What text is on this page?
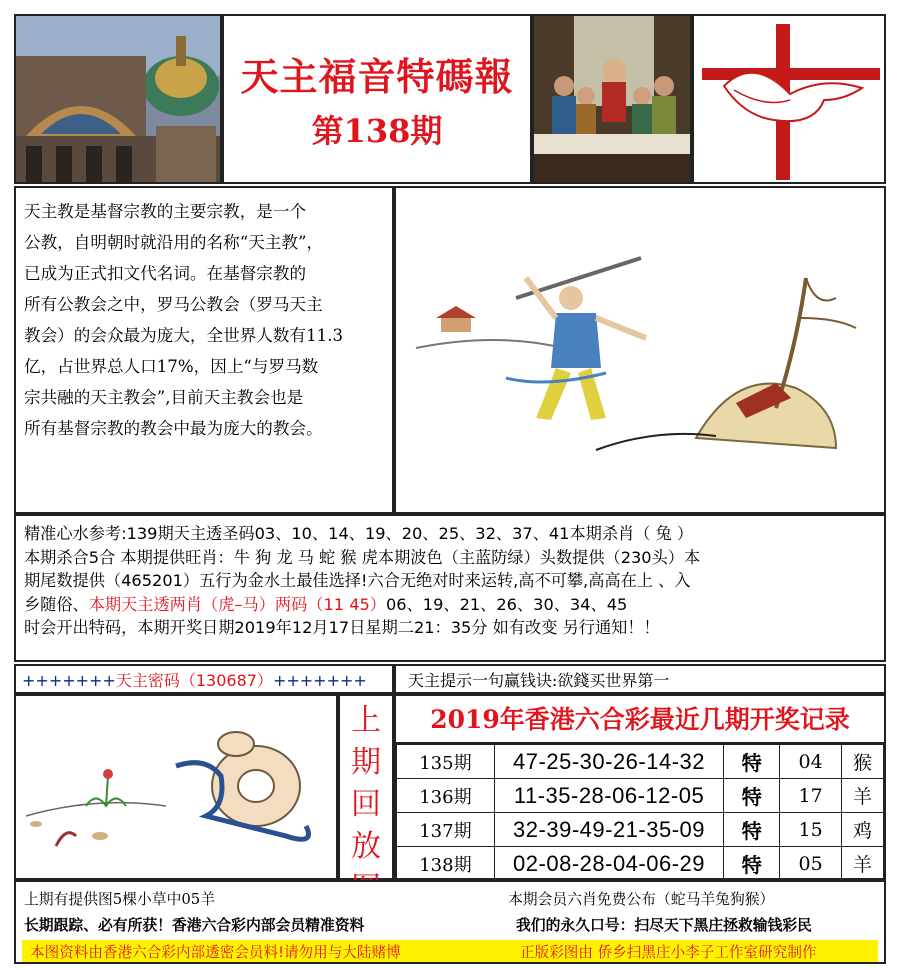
天主福音特碼報
第138期
天主教是基督宗教的主要宗教，是一个
公教，自明朝时就沿用的名称“天主教”，
已成为正式扣文代名词。在基督宗教的
所有公教会之中，罗马公教会（罗马天主
教会）的会众最为庞大，全世界人数有11.3
亿，占世界总人口17%，因上“与罗马数
宗共融的天主教会”,目前天主教会也是
所有基督宗教的教会中最为庞大的教会。
精准心水参考:139期天主透圣码03、10、14、19、20、25、32、37、41本期杀肖（ 兔 ）
本期杀合5合 本期提供旺肖：牛 狗 龙 马 蛇 猴 虎本期波色（主蓝防绿）头数提供（230头）本
期尾数提供（465201）五行为金水土最佳选择!六合无绝对时来运转,高不可攀,高高在上 、入
乡随俗、本期天主透两肖（虎–马）两码（11 45）06、19、21、26、30、34、45
时会开出特码，本期开奖日期2019年12月17日星期二21：35分 如有改变 另行通知！！
+++++++天主密码（130687）+++++++	天主提示一句赢钱诀:欲錢买世界第一
上
期
回
放
2019年香港六合彩最近几期开奖记录
135期	47-25-30-26-14-32	特	04	猴
136期	11-35-28-06-12-05	特	17	羊
137期	32-39-49-21-35-09	特	15	鸡
138期	02-08-28-04-06-29	特	05	羊
上期有提供图5棵小草中05羊	本期会员六肖免费公布（蛇马羊兔狗猴）
长期跟踪、必有所获！香港六合彩内部会员精准资料	我们的永久口号：扫尽天下黑庄拯救输钱彩民
本图资料由香港六合彩内部透密会员料!请勿用与大陆赌博	正版彩图由 侨乡扫黑庄小李子工作室研究制作
